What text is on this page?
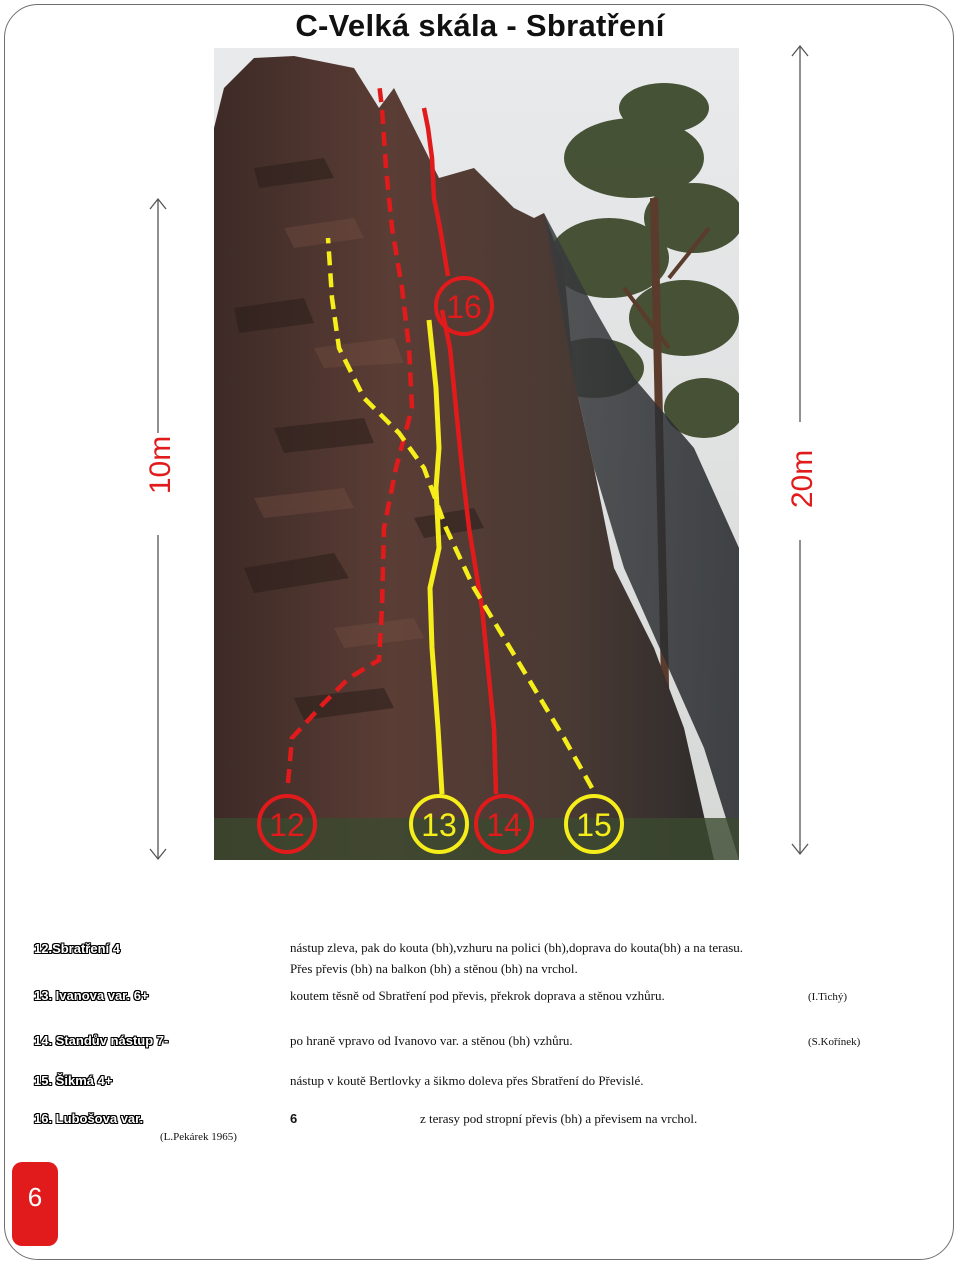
C-Velká skála - Sbratření
10m	20m
12	13 14 15
16
12.Sbratření 4	nástup zleva, pak do kouta (bh),vzhuru na polici (bh),doprava do kouta(bh) a na terasu.
Přes převis (bh) na balkon (bh) a stěnou (bh) na vrchol.
13. Ivanova var. 6+	koutem těsně od Sbratření pod převis, překrok doprava a stěnou vzhůru.	(I.Tichý)
14. Standův nástup 7-	po hraně vpravo od Ivanovo var. a stěnou (bh) vzhůru.	(S.Kořínek)
15. Šikmá 4+	nástup v koutě Bertlovky a šikmo doleva přes Sbratření do Převislé.
16. Lubošova var.	6	z terasy pod stropní převis (bh) a převisem na vrchol.
(L.Pekárek 1965)
6
